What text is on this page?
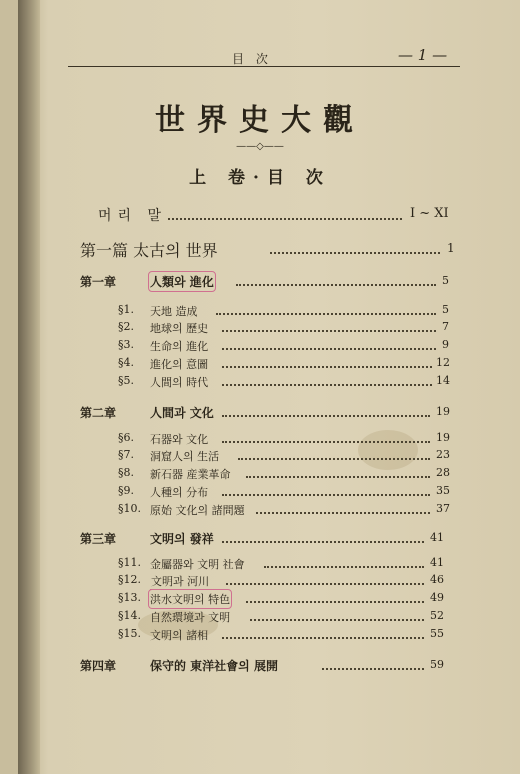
目 次	— 1 —
世界史大觀
——◇——
上 卷·目 次
머리 말	I ~ XI
第一篇 太古의 世界	1
第一章	人類와 進化	5
§1. 天地 造成	5
§2. 地球의 歷史	7
§3. 生命의 進化	9
§4. 進化의 意圖	12
§5. 人間의 時代	14
第二章	人間과 文化	19
§6. 石器와 文化	19
§7. 洞窟人의 生活	23
§8. 新石器 産業革命	28
§9. 人種의 分布	35
§10. 原始 文化의 諸問題	37
第三章	文明의 發祥	41
§11. 金屬器와 文明 社會	41
§12. 文明과 河川	46
§13. 洪水文明의 特色	49
§14. 自然環境과 文明	52
§15. 文明의 諸相	55
第四章	保守的 東洋社會의 展開	59
